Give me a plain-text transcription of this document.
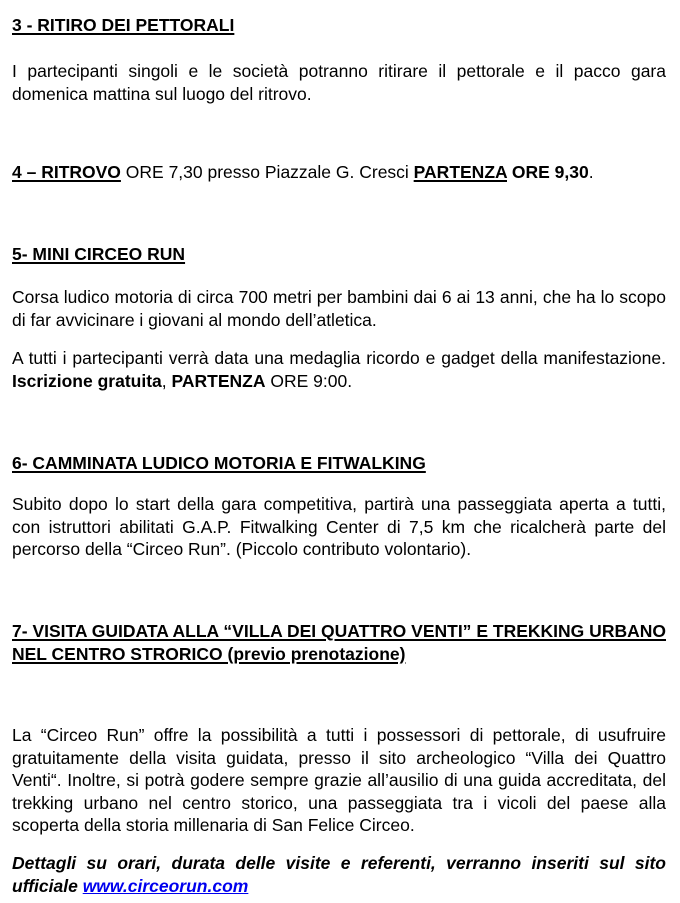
3 - RITIRO DEI PETTORALI

I partecipanti singoli e le società potranno ritirare il pettorale e il pacco gara domenica mattina sul luogo del ritrovo.

4 – RITROVO ORE 7,30 presso Piazzale G. Cresci PARTENZA ORE 9,30.

5- MINI CIRCEO RUN

Corsa ludico motoria di circa 700 metri per bambini dai 6 ai 13 anni, che ha lo scopo di far avvicinare i giovani al mondo dell’atletica.

A tutti i partecipanti verrà data una medaglia ricordo e gadget della manifestazione. Iscrizione gratuita, PARTENZA ORE 9:00.

6- CAMMINATA LUDICO MOTORIA E FITWALKING

Subito dopo lo start della gara competitiva, partirà una passeggiata aperta a tutti, con istruttori abilitati G.A.P. Fitwalking Center di 7,5 km che ricalcherà parte del percorso della “Circeo Run”. (Piccolo contributo volontario).

7- VISITA GUIDATA ALLA “VILLA DEI QUATTRO VENTI” E TREKKING URBANO NEL CENTRO STRORICO (previo prenotazione)

La “Circeo Run” offre la possibilità a tutti i possessori di pettorale, di usufruire gratuitamente della visita guidata, presso il sito archeologico “Villa dei Quattro Venti“. Inoltre, si potrà godere sempre grazie all’ausilio di una guida accreditata, del trekking urbano nel centro storico, una passeggiata tra i vicoli del paese alla scoperta della storia millenaria di San Felice Circeo.

Dettagli su orari, durata delle visite e referenti, verranno inseriti sul sito ufficiale www.circeorun.com
